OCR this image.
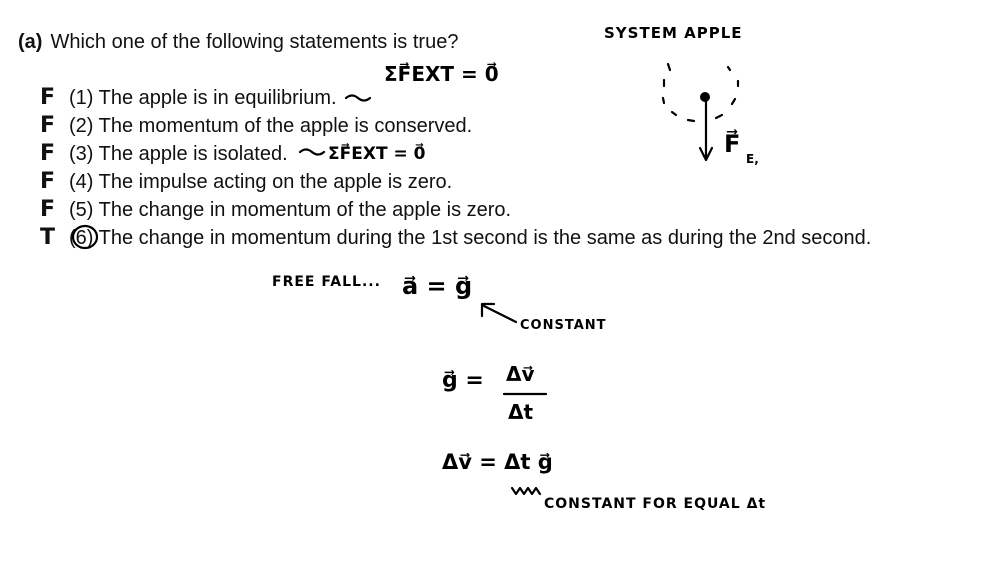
(a) Which one of the following statements is true?
F
F
F
F
F
T
(1) The apple is in equilibrium.
(2) The momentum of the apple is conserved.
(3) The apple is isolated.
(4) The impulse acting on the apple is zero.
(5) The change in momentum of the apple is zero.
(6) The change in momentum during the 1st second is the same as during the 2nd second.
SYSTEM APPLE
ΣF⃗EXT = 0⃗
ΣF⃗EXT = 0⃗	F⃗
E,
FREE FALL... a⃗ = g⃗
CONSTANT
g⃗ = Δv⃗
Δt
Δv⃗ = Δt g⃗
CONSTANT FOR EQUAL Δt
